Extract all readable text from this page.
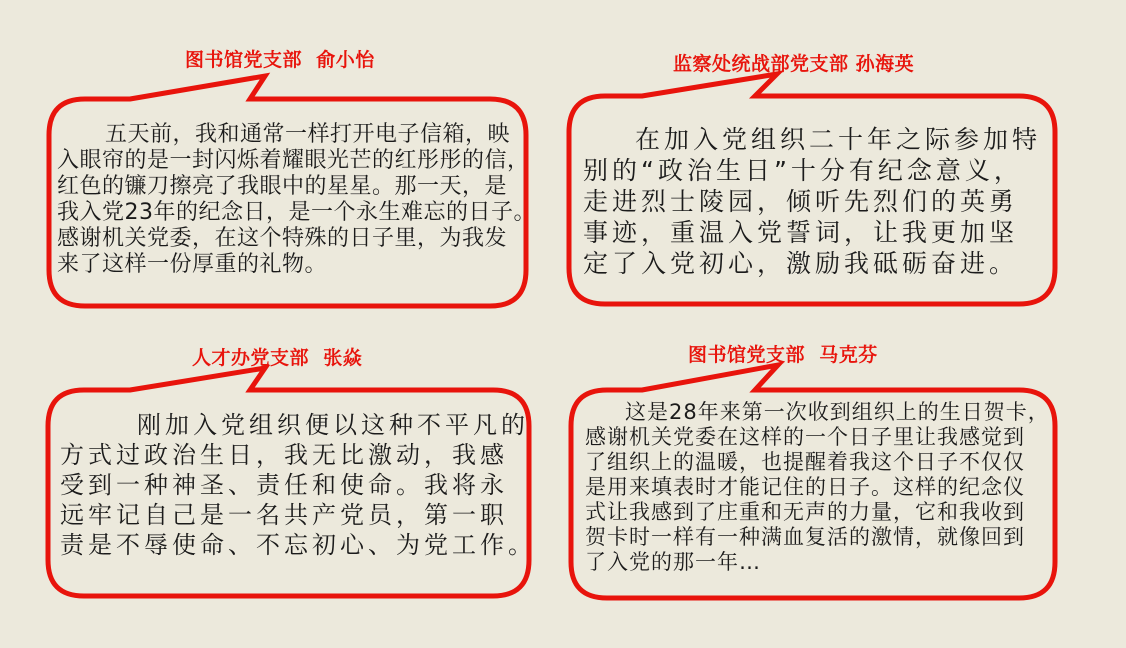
图书馆党支部  俞小怡	监察处统战部党支部 孙海英
人才办党支部  张焱	图书馆党支部  马克芬
五天前，我和通常一样打开电子信箱，映
入眼帘的是一封闪烁着耀眼光芒的红彤彤的信，
红色的镰刀擦亮了我眼中的星星。那一天，是
我入党23年的纪念日，是一个永生难忘的日子。
感谢机关党委，在这个特殊的日子里，为我发
来了这样一份厚重的礼物。
在加入党组织二十年之际参加特
别的“政治生日”十分有纪念意义，
走进烈士陵园，倾听先烈们的英勇
事迹，重温入党誓词，让我更加坚
定了入党初心，激励我砥砺奋进。
刚加入党组织便以这种不平凡的
方式过政治生日，我无比激动，我感
受到一种神圣、责任和使命。我将永
远牢记自己是一名共产党员，第一职
责是不辱使命、不忘初心、为党工作。
这是28年来第一次收到组织上的生日贺卡，
感谢机关党委在这样的一个日子里让我感觉到
了组织上的温暖，也提醒着我这个日子不仅仅
是用来填表时才能记住的日子。这样的纪念仪
式让我感到了庄重和无声的力量，它和我收到
贺卡时一样有一种满血复活的激情，就像回到
了入党的那一年…
